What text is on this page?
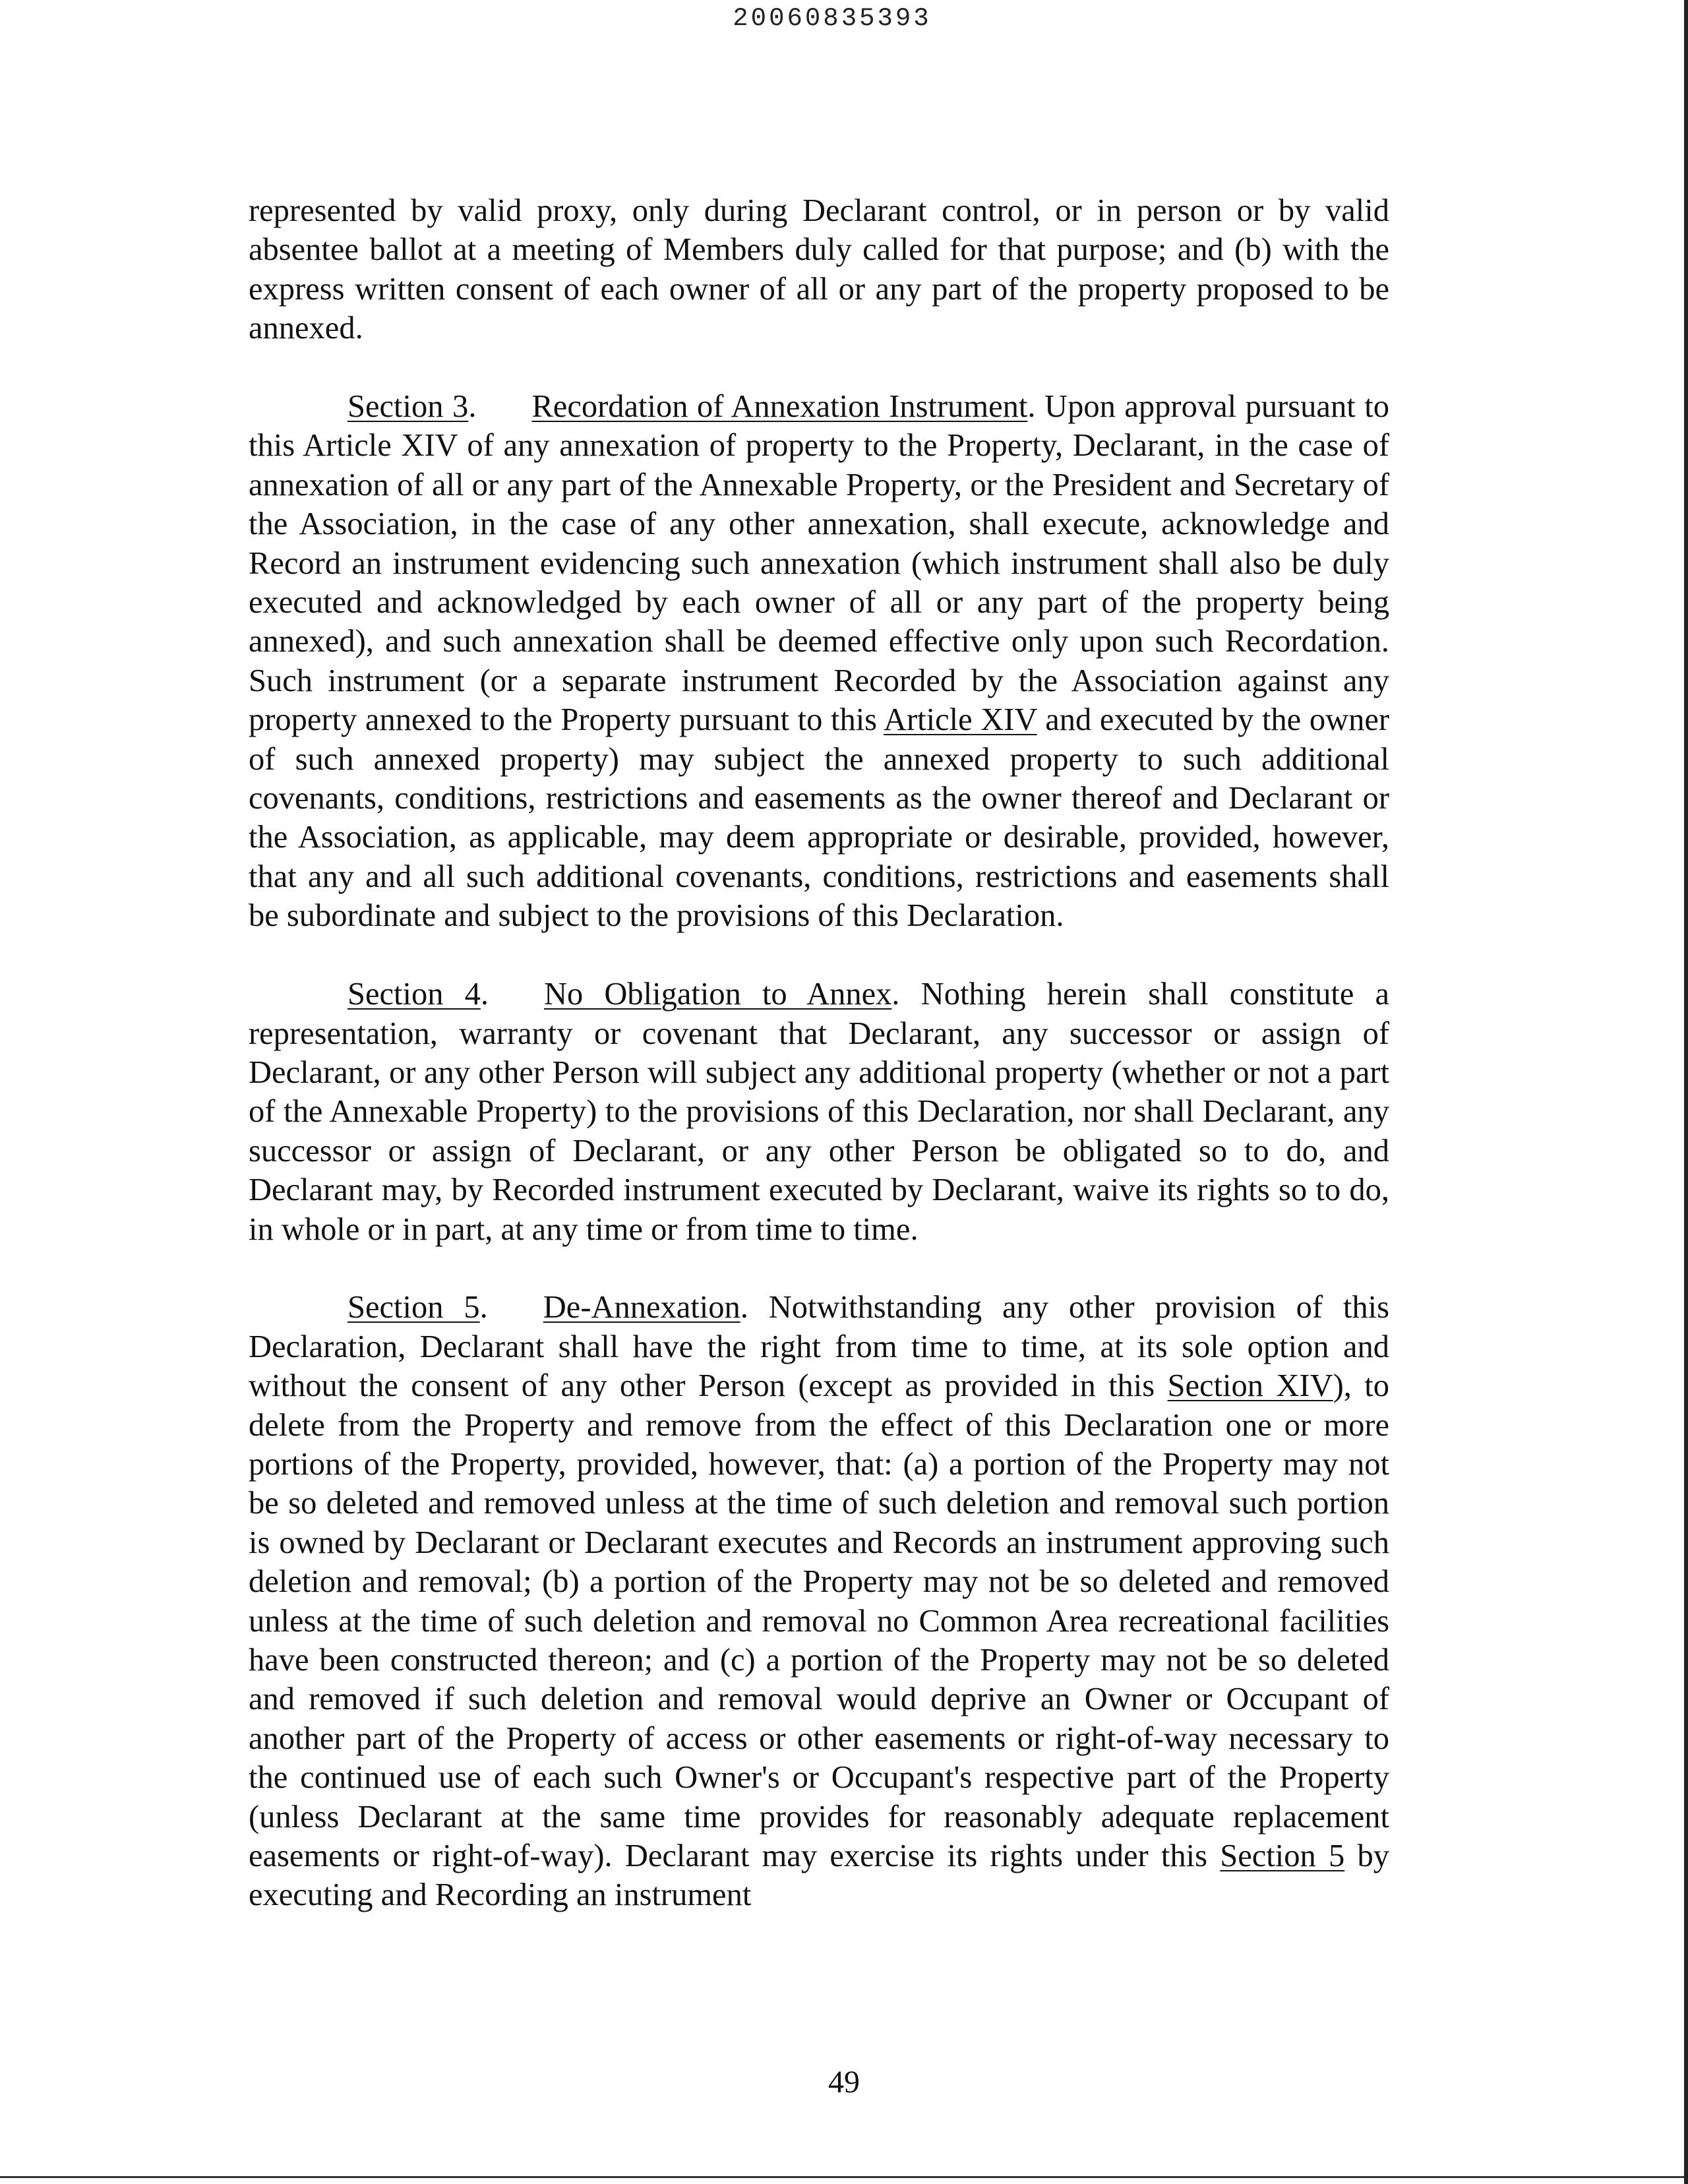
20060835393

represented by valid proxy, only during Declarant control, or in person or by valid absentee ballot at a meeting of Members duly called for that purpose; and (b) with the express written consent of each owner of all or any part of the property proposed to be annexed.

Section 3. Recordation of Annexation Instrument. Upon approval pursuant to this Article XIV of any annexation of property to the Property, Declarant, in the case of annexation of all or any part of the Annexable Property, or the President and Secretary of the Association, in the case of any other annexation, shall execute, acknowledge and Record an instrument evidencing such annexation (which instrument shall also be duly executed and acknowledged by each owner of all or any part of the property being annexed), and such annexation shall be deemed effective only upon such Recordation. Such instrument (or a separate instrument Recorded by the Association against any property annexed to the Property pursuant to this Article XIV and executed by the owner of such annexed property) may subject the annexed property to such additional covenants, conditions, restrictions and easements as the owner thereof and Declarant or the Association, as applicable, may deem appropriate or desirable, provided, however, that any and all such additional covenants, conditions, restrictions and easements shall be subordinate and subject to the provisions of this Declaration.

Section 4. No Obligation to Annex. Nothing herein shall constitute a representation, warranty or covenant that Declarant, any successor or assign of Declarant, or any other Person will subject any additional property (whether or not a part of the Annexable Property) to the provisions of this Declaration, nor shall Declarant, any successor or assign of Declarant, or any other Person be obligated so to do, and Declarant may, by Recorded instrument executed by Declarant, waive its rights so to do, in whole or in part, at any time or from time to time.

Section 5. De-Annexation. Notwithstanding any other provision of this Declaration, Declarant shall have the right from time to time, at its sole option and without the consent of any other Person (except as provided in this Section XIV), to delete from the Property and remove from the effect of this Declaration one or more portions of the Property, provided, however, that: (a) a portion of the Property may not be so deleted and removed unless at the time of such deletion and removal such portion is owned by Declarant or Declarant executes and Records an instrument approving such deletion and removal; (b) a portion of the Property may not be so deleted and removed unless at the time of such deletion and removal no Common Area recreational facilities have been constructed thereon; and (c) a portion of the Property may not be so deleted and removed if such deletion and removal would deprive an Owner or Occupant of another part of the Property of access or other easements or right-of-way necessary to the continued use of each such Owner's or Occupant's respective part of the Property (unless Declarant at the same time provides for reasonably adequate replacement easements or right-of-way). Declarant may exercise its rights under this Section 5 by executing and Recording an instrument

49
